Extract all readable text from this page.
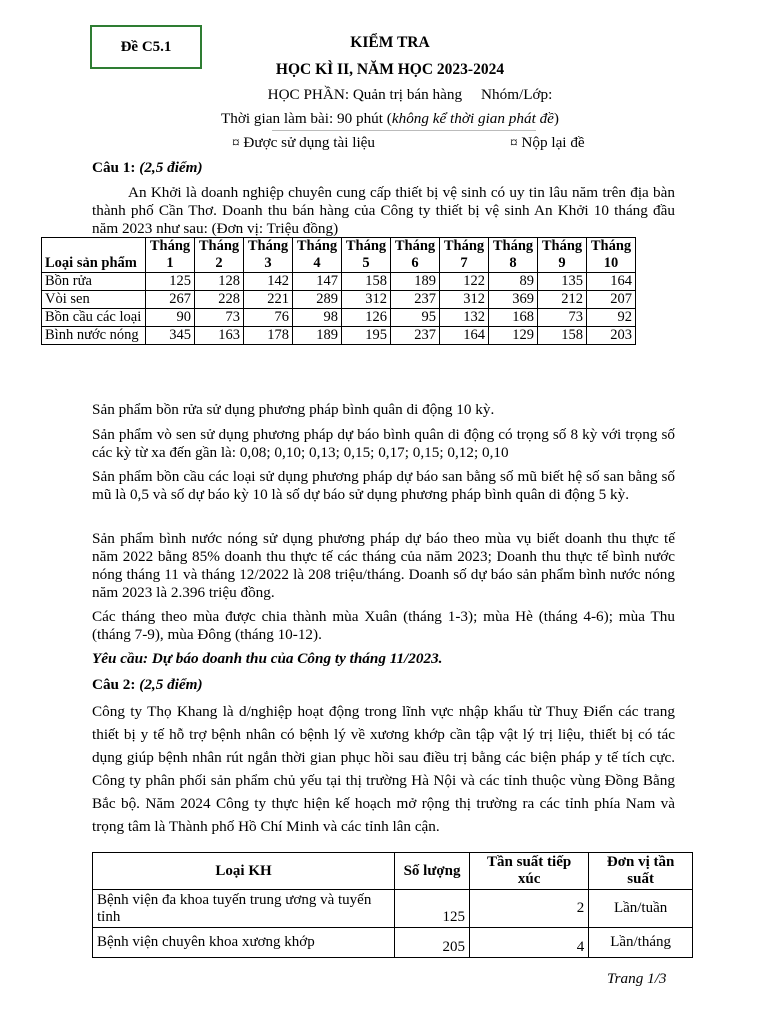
Đề C5.1	KIỂM TRA
HỌC KÌ II, NĂM HỌC 2023-2024
HỌC PHẦN: Quản trị bán hàng     Nhóm/Lớp:
Thời gian làm bài: 90 phút (không kể thời gian phát đề)
¤ Được sử dụng tài liệu	¤ Nộp lại đề
Câu 1: (2,5 điểm)
An Khởi là doanh nghiệp chuyên cung cấp thiết bị vệ sinh có uy tin lâu năm trên địa bàn thành phố Cần Thơ. Doanh thu bán hàng của Công ty thiết bị vệ sinh An Khởi 10 tháng đầu năm 2023 như sau: (Đơn vị: Triệu đồng)
Loại sản phẩm	Tháng 1	Tháng 2	Tháng 3	Tháng 4	Tháng 5	Tháng 6	Tháng 7	Tháng 8	Tháng 9	Tháng 10
Bồn rửa	125	128	142	147	158	189	122	89	135	164
Vòi sen	267	228	221	289	312	237	312	369	212	207
Bồn cầu các loại	90	73	76	98	126	95	132	168	73	92
Bình nước nóng	345	163	178	189	195	237	164	129	158	203
Sản phẩm bồn rửa sử dụng phương pháp bình quân di động 10 kỳ.
Sản phẩm vò sen sử dụng phương pháp dự báo bình quân di động có trọng số 8 kỳ với trọng số các kỳ từ xa đến gần là: 0,08; 0,10; 0,13; 0,15; 0,17; 0,15; 0,12; 0,10
Sản phẩm bồn cầu các loại sử dụng phương pháp dự báo san bằng số mũ biết hệ số san bằng số mũ là 0,5 và số dự báo kỳ 10 là số dự báo sử dụng phương pháp bình quân di động 5 kỳ.
Sản phẩm bình nước nóng sử dụng phương pháp dự báo theo mùa vụ biết doanh thu thực tế năm 2022 bằng 85% doanh thu thực tế các tháng của năm 2023; Doanh thu thực tế bình nước nóng tháng 11 và tháng 12/2022 là 208 triệu/tháng. Doanh số dự báo sản phẩm bình nước nóng năm 2023 là 2.396 triệu đồng.
Các tháng theo mùa được chia thành mùa Xuân (tháng 1-3); mùa Hè (tháng 4-6); mùa Thu (tháng 7-9), mùa Đông (tháng 10-12).
Yêu cầu: Dự báo doanh thu của Công ty tháng 11/2023.
Câu 2: (2,5 điểm)
Công ty Thọ Khang là d/nghiệp hoạt động trong lĩnh vực nhập khẩu từ Thuỵ Điển các trang thiết bị y tế hỗ trợ bệnh nhân có bệnh lý về xương khớp cần tập vật lý trị liệu, thiết bị có tác dụng giúp bệnh nhân rút ngắn thời gian phục hồi sau điều trị bằng các biện pháp y tế tích cực. Công ty phân phối sản phẩm chủ yếu tại thị trường Hà Nội và các tỉnh thuộc vùng Đồng Bằng Bắc bộ. Năm 2024 Công ty thực hiện kế hoạch mở rộng thị trường ra các tỉnh phía Nam và trọng tâm là Thành phố Hồ Chí Minh và các tỉnh lân cận.
Loại KH	Số lượng	Tần suất tiếp xúc	Đơn vị tần suất
Bệnh viện đa khoa tuyến trung ương và tuyến tỉnh	125	2	Lần/tuần
Bệnh viện chuyên khoa xương khớp	205	4	Lần/tháng
Trang 1/3
